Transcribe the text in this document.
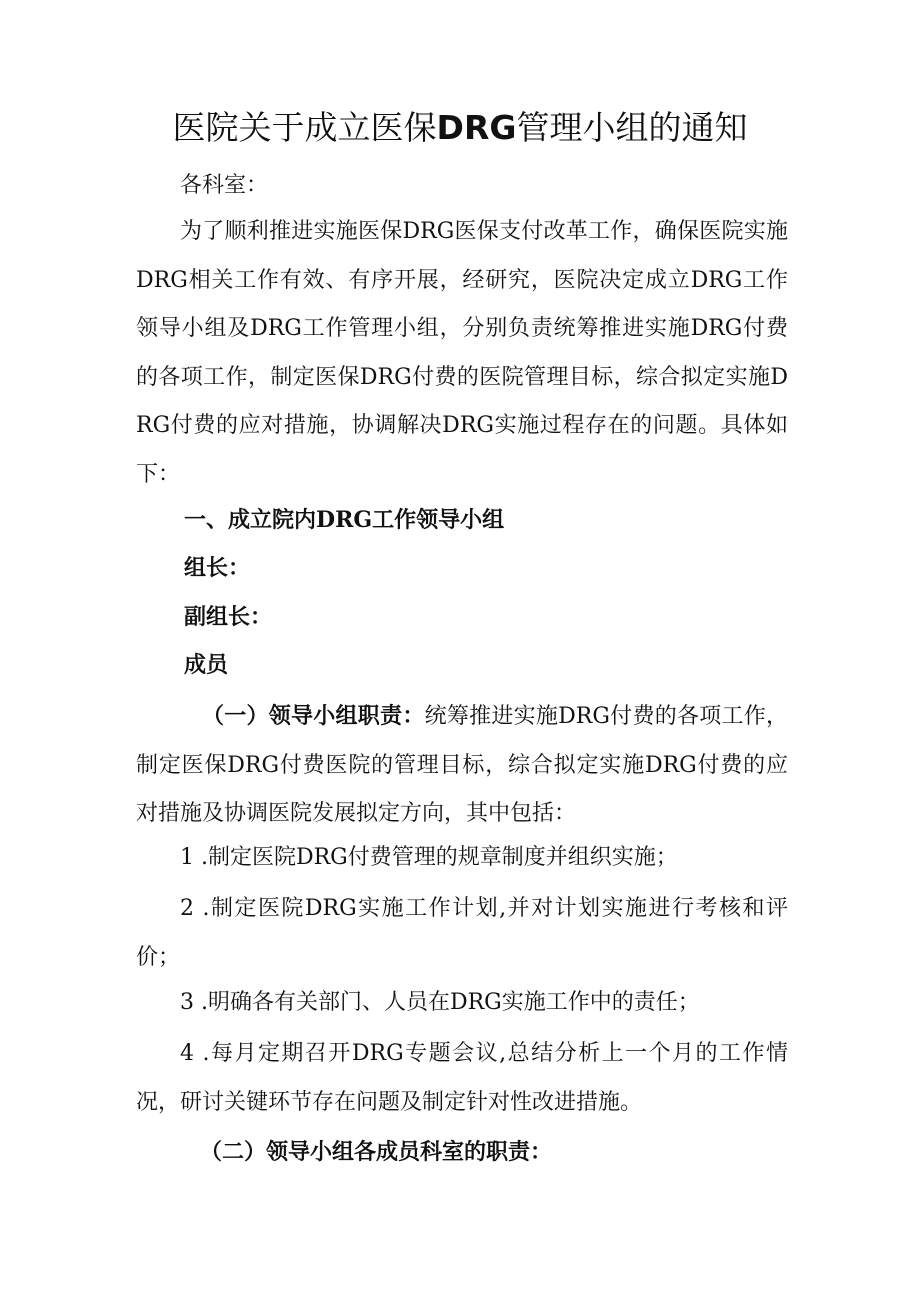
医院关于成立医保DRG管理小组的通知
各科室：
为了顺利推进实施医保DRG医保支付改革工作，确保医院实施DRG相关工作有效、有序开展，经研究，医院决定成立DRG工作领导小组及DRG工作管理小组，分别负责统筹推进实施DRG付费的各项工作，制定医保DRG付费的医院管理目标，综合拟定实施DRG付费的应对措施，协调解决DRG实施过程存在的问题。具体如下：
一、成立院内DRG工作领导小组
组长：
副组长：
成员
（一）领导小组职责：统筹推进实施DRG付费的各项工作，制定医保DRG付费医院的管理目标，综合拟定实施DRG付费的应对措施及协调医院发展拟定方向，其中包括：
1 .制定医院DRG付费管理的规章制度并组织实施；
2 .制定医院DRG实施工作计划,并对计划实施进行考核和评价；
3 .明确各有关部门、人员在DRG实施工作中的责任；
4 .每月定期召开DRG专题会议,总结分析上一个月的工作情况，研讨关键环节存在问题及制定针对性改进措施。
（二）领导小组各成员科室的职责：
